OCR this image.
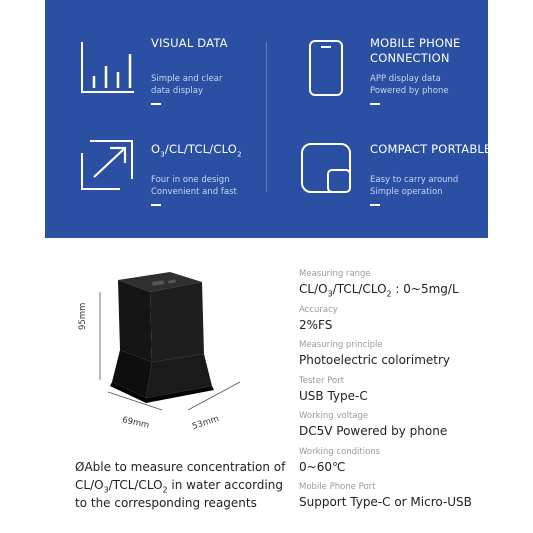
VISUAL DATA
Simple and clear
data display
MOBILE PHONE
CONNECTION
APP display data
Powered by phone
$O_3/CL/TCL/CLO_2$
Four in one design
Convenient and fast
COMPACT PORTABLE
Easy to carry around
Simple operation
95mm
69mm	53mm
Measuring range
$CL/O_3/TCL/CLO_2$ : 0~5mg/L
Accuracy
2%FS
Measuring principle
Photoelectric colorimetry
Tester Port
USB Type-C
Working voltage
DC5V Powered by phone
Working conditions
0~60℃
Mobile Phone Port
Support Type-C or Micro-USB
ØAble to measure concentration of
$CL/O_3/TCL/CLO_2$ in water according
to the corresponding reagents
